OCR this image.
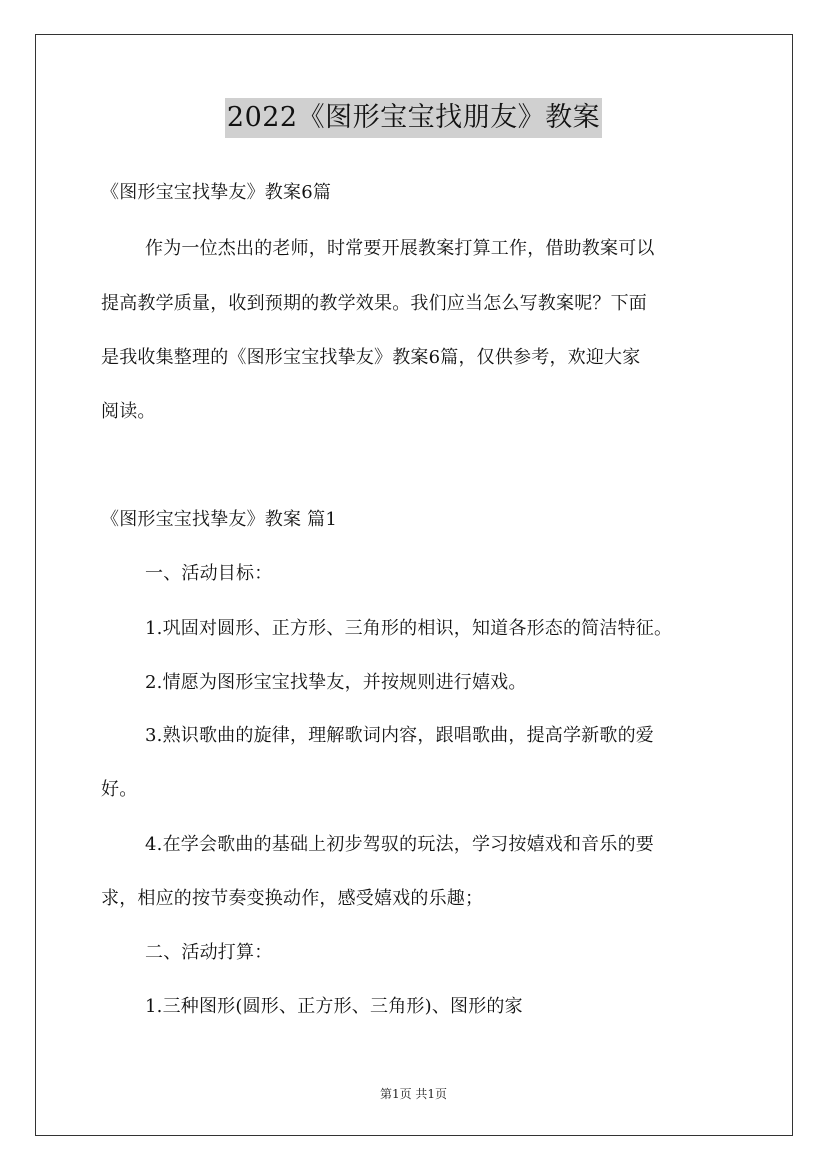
2022《图形宝宝找朋友》教案
《图形宝宝找挚友》教案6篇
作为一位杰出的老师，时常要开展教案打算工作，借助教案可以
提高教学质量，收到预期的教学效果。我们应当怎么写教案呢？下面
是我收集整理的《图形宝宝找挚友》教案6篇，仅供参考，欢迎大家
阅读。
《图形宝宝找挚友》教案 篇1
一、活动目标：
1.巩固对圆形、正方形、三角形的相识，知道各形态的简洁特征。
2.情愿为图形宝宝找挚友，并按规则进行嬉戏。
3.熟识歌曲的旋律，理解歌词内容，跟唱歌曲，提高学新歌的爱
好。
4.在学会歌曲的基础上初步驾驭的玩法，学习按嬉戏和音乐的要
求，相应的按节奏变换动作，感受嬉戏的乐趣；
二、活动打算：
1.三种图形(圆形、正方形、三角形)、图形的家
第1页 共1页
